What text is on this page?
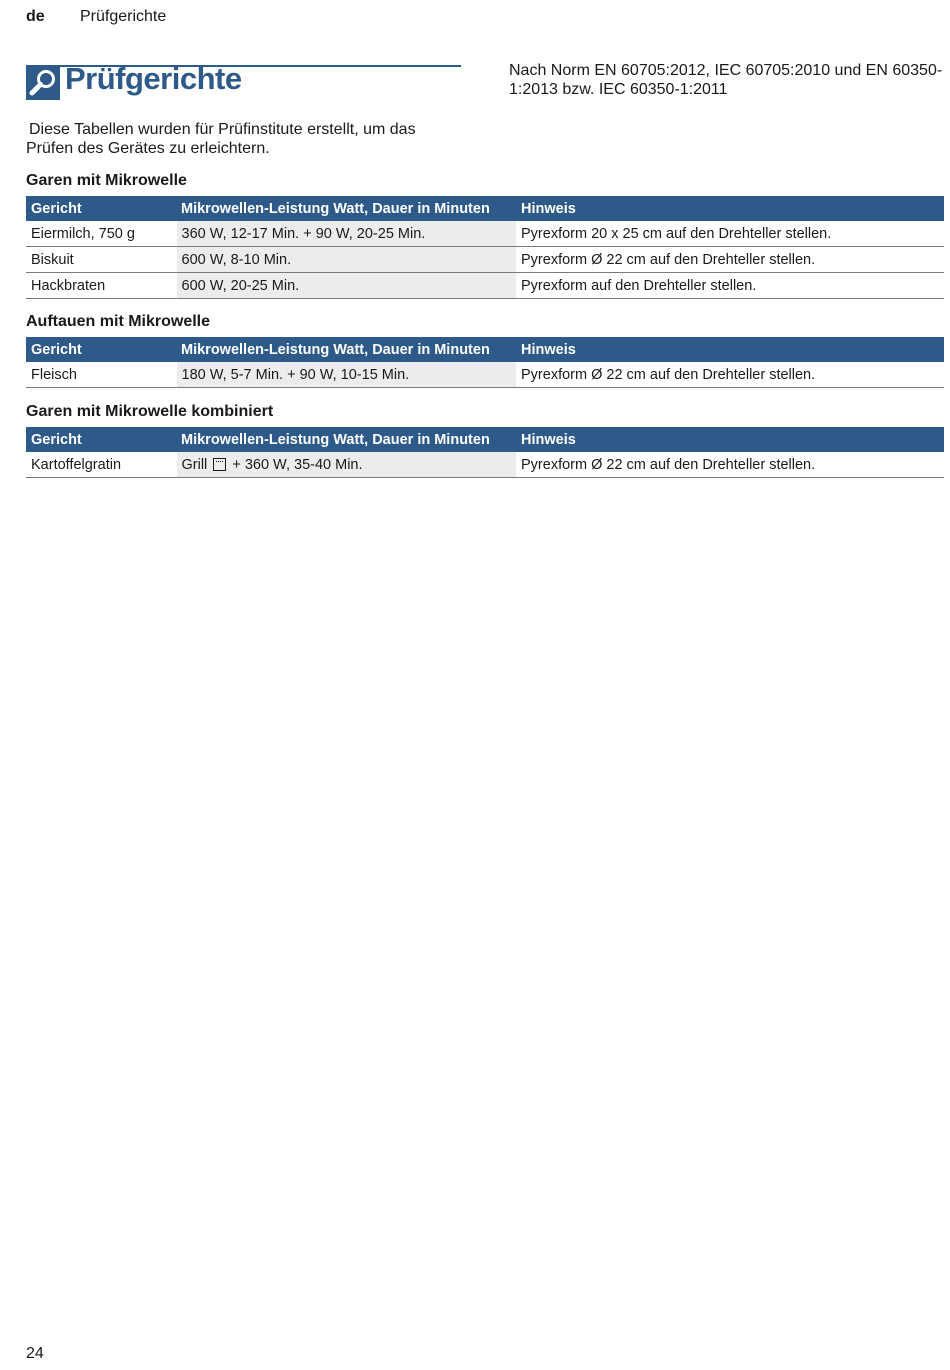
de Prüfgerichte
Prüfgerichte	Nach Norm EN 60705:2012, IEC 60705:2010 und EN 60350-1:2013 bzw. IEC 60350-1:2011
Diese Tabellen wurden für Prüfinstitute erstellt, um das Prüfen des Gerätes zu erleichtern.
Garen mit Mikrowelle
Gericht	Mikrowellen-Leistung Watt, Dauer in Minuten	Hinweis
Eiermilch, 750 g	360 W, 12-17 Min. + 90 W, 20-25 Min.	Pyrexform 20 x 25 cm auf den Drehteller stellen.
Biskuit	600 W, 8-10 Min.	Pyrexform Ø 22 cm auf den Drehteller stellen.
Hackbraten	600 W, 20-25 Min.	Pyrexform auf den Drehteller stellen.
Auftauen mit Mikrowelle
Gericht	Mikrowellen-Leistung Watt, Dauer in Minuten	Hinweis
Fleisch	180 W, 5-7 Min. + 90 W, 10-15 Min.	Pyrexform Ø 22 cm auf den Drehteller stellen.
Garen mit Mikrowelle kombiniert
Gericht	Mikrowellen-Leistung Watt, Dauer in Minuten	Hinweis
Kartoffelgratin	Grill + 360 W, 35-40 Min.	Pyrexform Ø 22 cm auf den Drehteller stellen.
24
